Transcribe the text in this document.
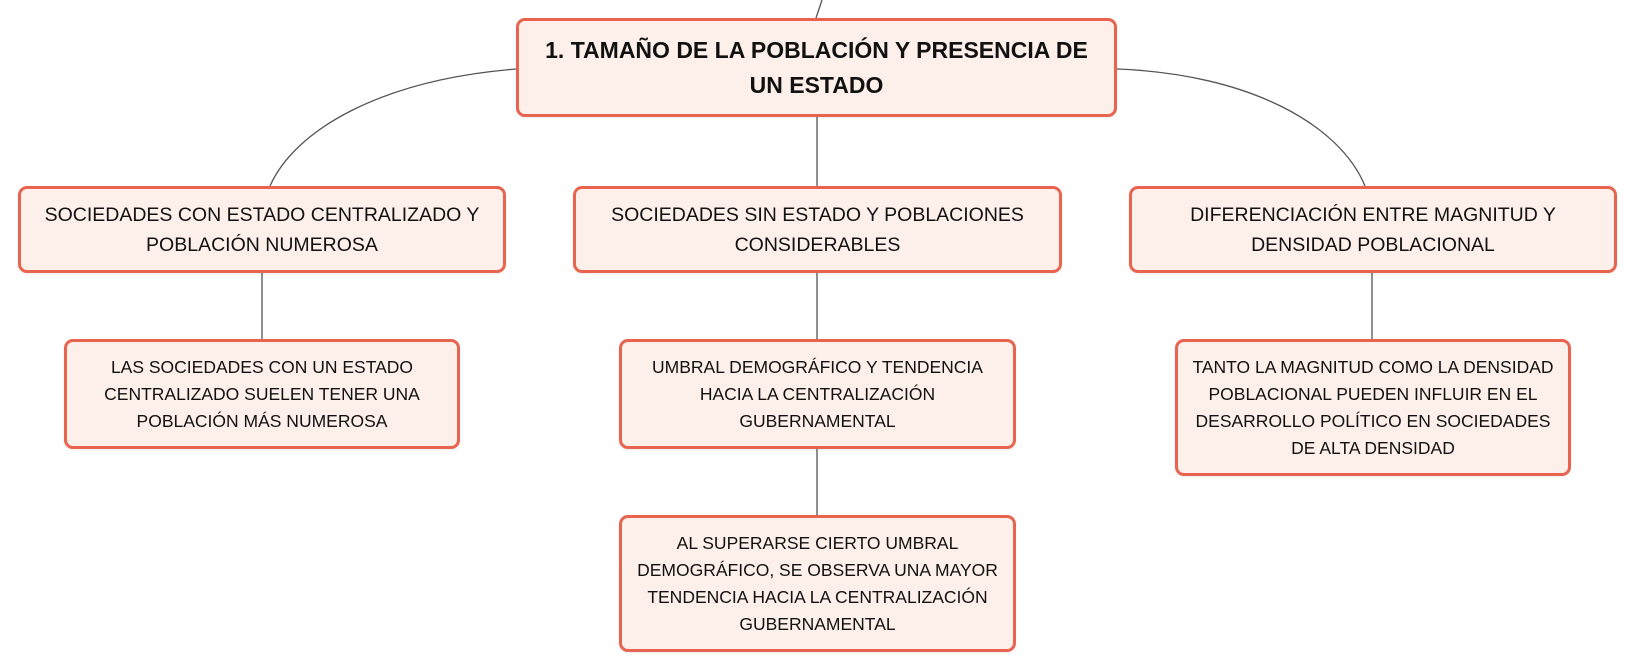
1. TAMAÑO DE LA POBLACIÓN Y PRESENCIA DE UN ESTADO
SOCIEDADES CON ESTADO CENTRALIZADO Y POBLACIÓN NUMEROSA
SOCIEDADES SIN ESTADO Y POBLACIONES CONSIDERABLES
DIFERENCIACIÓN ENTRE MAGNITUD Y DENSIDAD POBLACIONAL
LAS SOCIEDADES CON UN ESTADO CENTRALIZADO SUELEN TENER UNA POBLACIÓN MÁS NUMEROSA
UMBRAL DEMOGRÁFICO Y TENDENCIA HACIA LA CENTRALIZACIÓN GUBERNAMENTAL
AL SUPERARSE CIERTO UMBRAL DEMOGRÁFICO, SE OBSERVA UNA MAYOR TENDENCIA HACIA LA CENTRALIZACIÓN GUBERNAMENTAL
TANTO LA MAGNITUD COMO LA DENSIDAD POBLACIONAL PUEDEN INFLUIR EN EL DESARROLLO POLÍTICO EN SOCIEDADES DE ALTA DENSIDAD
